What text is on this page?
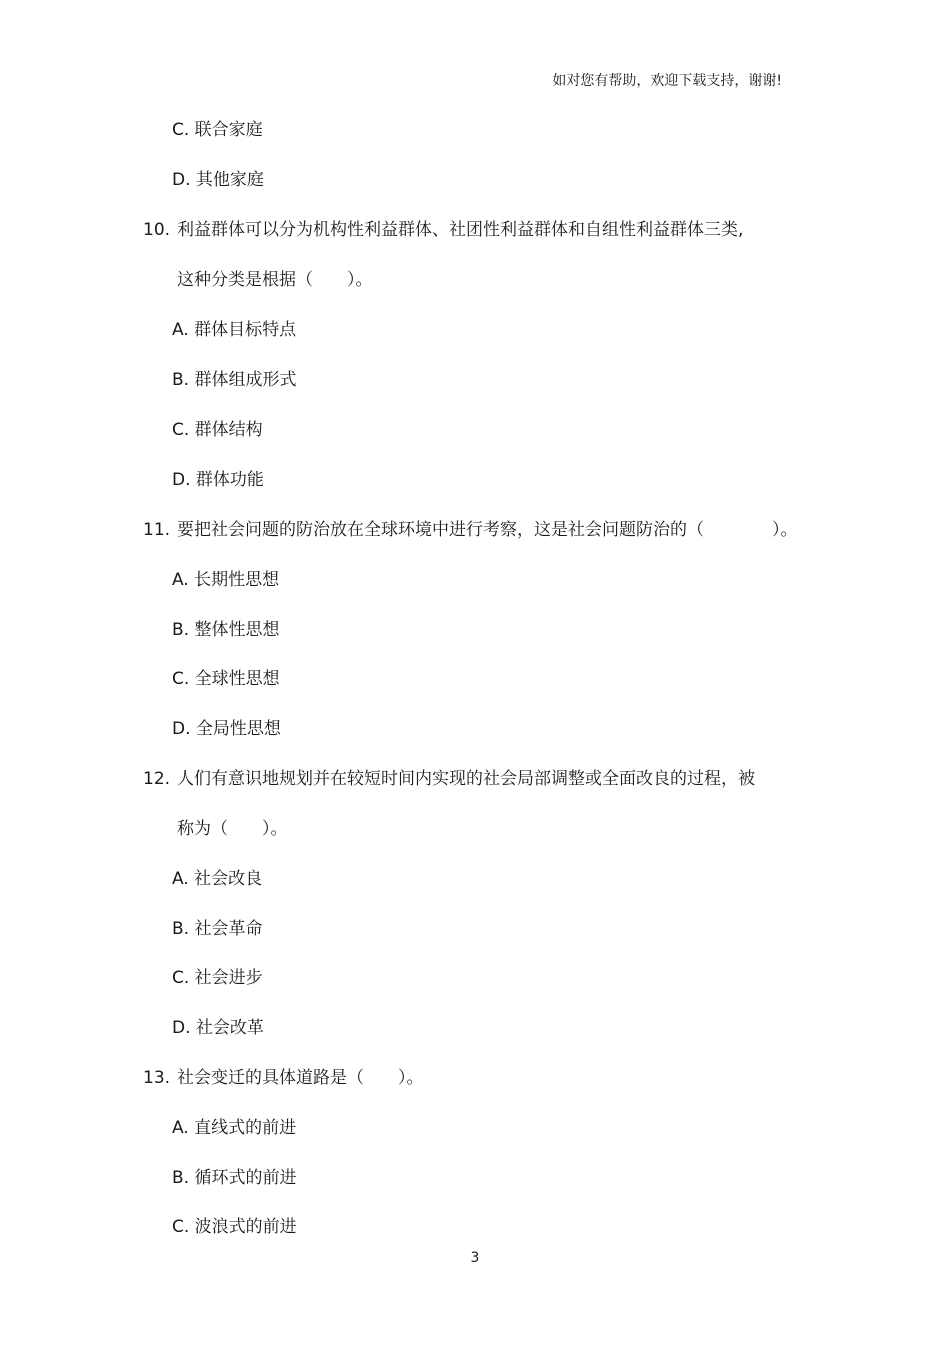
如对您有帮助，欢迎下载支持，谢谢!
C. 联合家庭
D. 其他家庭
10. 利益群体可以分为机构性利益群体、社团性利益群体和自组性利益群体三类,
这种分类是根据（　　）。
A. 群体目标特点
B. 群体组成形式
C. 群体结构
D. 群体功能
11. 要把社会问题的防治放在全球环境中进行考察，这是社会问题防治的（　　　　）。
A. 长期性思想
B. 整体性思想
C. 全球性思想
D. 全局性思想
12. 人们有意识地规划并在较短时间内实现的社会局部调整或全面改良的过程，被
称为（　　）。
A. 社会改良
B. 社会革命
C. 社会进步
D. 社会改革
13. 社会变迁的具体道路是（　　）。
A. 直线式的前进
B. 循环式的前进
C. 波浪式的前进
3
